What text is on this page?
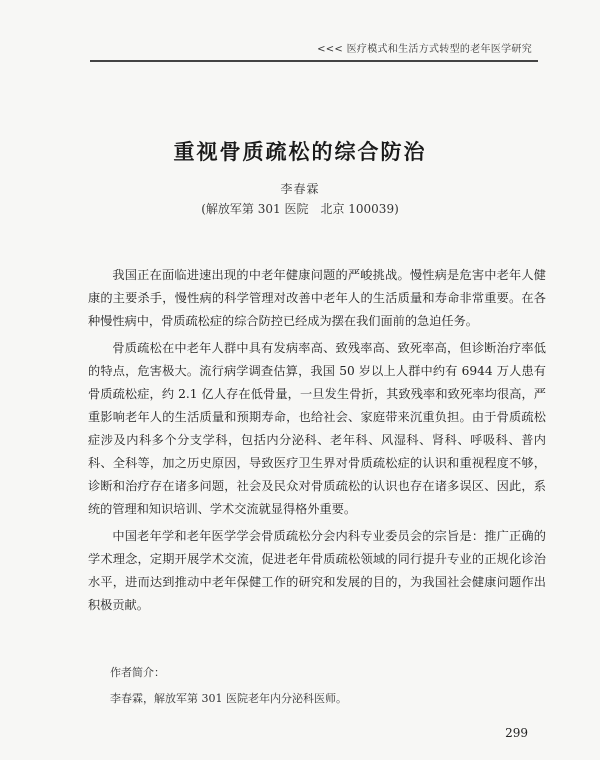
<<< 医疗模式和生活方式转型的老年医学研究
重视骨质疏松的综合防治
李春霖
(解放军第 301 医院　北京 100039)

我国正在面临进速出现的中老年健康问题的严峻挑战。慢性病是危害中老年人健康的主要杀手，慢性病的科学管理对改善中老年人的生活质量和寿命非常重要。在各种慢性病中，骨质疏松症的综合防控已经成为摆在我们面前的急迫任务。

骨质疏松在中老年人群中具有发病率高、致残率高、致死率高，但诊断治疗率低的特点，危害极大。流行病学调查估算，我国 50 岁以上人群中约有 6944 万人患有骨质疏松症，约 2.1 亿人存在低骨量，一旦发生骨折，其致残率和致死率均很高，严重影响老年人的生活质量和预期寿命，也给社会、家庭带来沉重负担。由于骨质疏松症涉及内科多个分支学科，包括内分泌科、老年科、风湿科、肾科、呼吸科、普内科、全科等，加之历史原因，导致医疗卫生界对骨质疏松症的认识和重视程度不够，诊断和治疗存在诸多问题，社会及民众对骨质疏松的认识也存在诸多误区、因此，系统的管理和知识培训、学术交流就显得格外重要。

中国老年学和老年医学学会骨质疏松分会内科专业委员会的宗旨是：推广正确的学术理念，定期开展学术交流，促进老年骨质疏松领域的同行提升专业的正规化诊治水平，进而达到推动中老年保健工作的研究和发展的目的，为我国社会健康问题作出积极贡献。

作者简介：
李春霖，解放军第 301 医院老年内分泌科医师。
299
